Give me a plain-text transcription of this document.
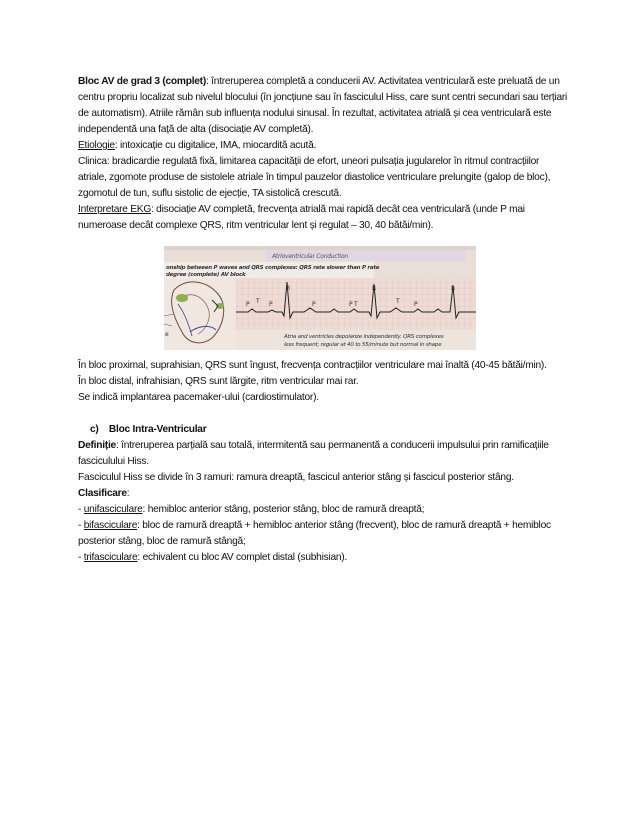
Bloc AV de grad 3 (complet): întreruperea completă a conducerii AV. Activitatea ventriculară este preluată de un centru propriu localizat sub nivelul blocului (în joncțiune sau în fasciculul Hiss, care sunt centri secundari sau terțiari de automatism). Atriile rămân sub influența nodului sinusal. În rezultat, activitatea atrială și cea ventriculară este independentă una față de alta (disociație AV completă).

Etiologie: intoxicație cu digitalice, IMA, miocardită acută.

Clinica: bradicardie regulată fixă, limitarea capacității de efort, uneori pulsația jugularelor în ritmul contracțiilor atriale, zgomote produse de sistolele atriale în timpul pauzelor diastolice ventriculare prelungite (galop de bloc), zgomotul de tun, suflu sistolic de ejecție, TA sistolică crescută.

Interpretare EKG: disociație AV completă, frecvența atrială mai rapidă decât cea ventriculară (unde P mai numeroase decât complexe QRS, ritm ventricular lent și regulat – 30, 40 bătăi/min).

Atrioventricular Conduction
onship between P waves and QRS complexes: QRS rate slower than P rate
degree (complete) AV block
R	R	R
T
P	P	P	P T	T P
e	Atria and ventricles depolarize independently. QRS complexes
less frequent; regular at 40 to 55/minute but normal in shape

În bloc proximal, suprahisian, QRS sunt îngust, frecvența contracțiilor ventriculare mai înaltă (40-45 bătăi/min).

În bloc distal, infrahisian, QRS sunt lărgite, ritm ventricular mai rar.

Se indică implantarea pacemaker-ului (cardiostimulator).

c) Bloc Intra-Ventricular

Definiție: întreruperea parțială sau totală, intermitentă sau permanentă a conducerii impulsului prin ramificațiile fasciculului Hiss.

Fasciculul Hiss se divide în 3 ramuri: ramura dreaptă, fascicul anterior stâng și fascicul posterior stâng.

Clasificare:

- unifasciculare: hemibloc anterior stâng, posterior stâng, bloc de ramură dreaptă;

- bifasciculare: bloc de ramură dreaptă + hemibloc anterior stâng (frecvent), bloc de ramură dreaptă + hemibloc posterior stâng, bloc de ramură stângă;

- trifasciculare: echivalent cu bloc AV complet distal (subhisian).
